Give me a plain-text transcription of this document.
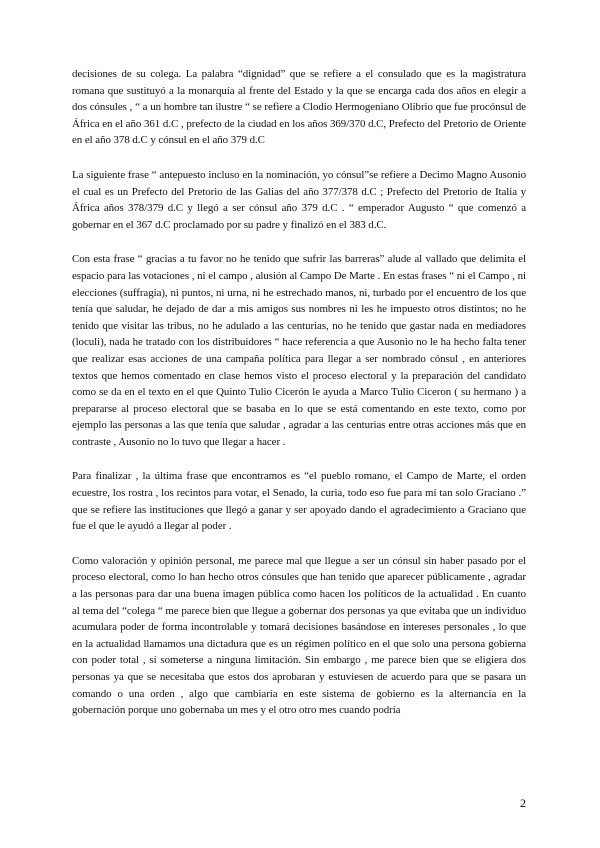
decisiones de su colega. La palabra “dignidad” que se refiere a el consulado que es la magistratura romana que sustituyó a la monarquía al frente del Estado y la que se encarga cada dos años en elegir a dos cónsules , “ a un hombre tan ilustre “ se refiere a Clodio Hermogeniano Olibrio que fue procónsul de África en el año 361 d.C , prefecto de la ciudad en los años 369/370 d.C, Prefecto del Pretorio de Oriente en el año 378 d.C y cónsul en el año 379 d.C

La siguiente frase “ antepuesto incluso en la nominación, yo cónsul”se refiere a Decimo Magno Ausonio el cual es un Prefecto del Pretorio de las Galias del año 377/378 d.C ; Prefecto del Pretorio de Italia y África años 378/379 d.C y llegó a ser cónsul año 379 d.C . “ emperador Augusto “ que comenzó a gobernar en el 367 d.C proclamado por su padre y finalizó en el 383 d.C.

Con esta frase “ gracias a tu favor no he tenido que sufrir las barreras” alude al vallado que delimita el espacio para las votaciones , ni el campo , alusión al Campo De Marte . En estas frases “ ni el Campo , ni elecciones (suffragia), ni puntos, ni urna, ni he estrechado manos, ni, turbado por el encuentro de los que tenía que saludar, he dejado de dar a mis amigos sus nombres ni les he impuesto otros distintos; no he tenido que visitar las tribus, no he adulado a las centurias, no he tenido que gastar nada en mediadores (loculi), nada he tratado con los distribuidores “ hace referencia a que Ausonio no le ha hecho falta tener que realizar esas acciones de una campaña política para llegar a ser nombrado cónsul , en anteriores textos que hemos comentado en clase hemos visto el proceso electoral y la preparación del candidato como se da en el texto en el que Quinto Tulio Cicerón le ayuda a Marco Tulio Ciceron ( su hermano ) a prepararse al proceso electoral que se basaba en lo que se está comentando en este texto, como por ejemplo las personas a las que tenía que saludar , agradar a las centurias entre otras acciones más que en contraste , Ausonio no lo tuvo que llegar a hacer .

Para finalizar , la última frase que encontramos es “el pueblo romano, el Campo de Marte, el orden ecuestre, los rostra , los recintos para votar, el Senado, la curia, todo eso fue para mí tan solo Graciano .” que se refiere las instituciones que llegó a ganar y ser apoyado dando el agradecimiento a Graciano que fue el que le ayudó a llegar al poder .

Como valoración y opinión personal, me parece mal que llegue a ser un cónsul sin haber pasado por el proceso electoral, como lo han hecho otros cónsules que han tenido que aparecer públicamente , agradar a las personas para dar una buena imagen pública como hacen los políticos de la actualidad . En cuanto al tema del “colega “ me parece bien que llegue a gobernar dos personas ya que evitaba que un individuo acumulara poder de forma incontrolable y tomará decisiones basándose en intereses personales , lo que en la actualidad llamamos una dictadura que es un régimen político en el que solo una persona gobierna con poder total , sí someterse a ninguna limitación. Sin embargo , me parece bien que se eligiera dos personas ya que se necesitaba que estos dos aprobaran y estuviesen de acuerdo para que se pasara un comando o una orden , algo que cambiaría en este sistema de gobierno es la alternancia en la gobernación porque uno gobernaba un mes y el otro otro mes cuando podría

2
